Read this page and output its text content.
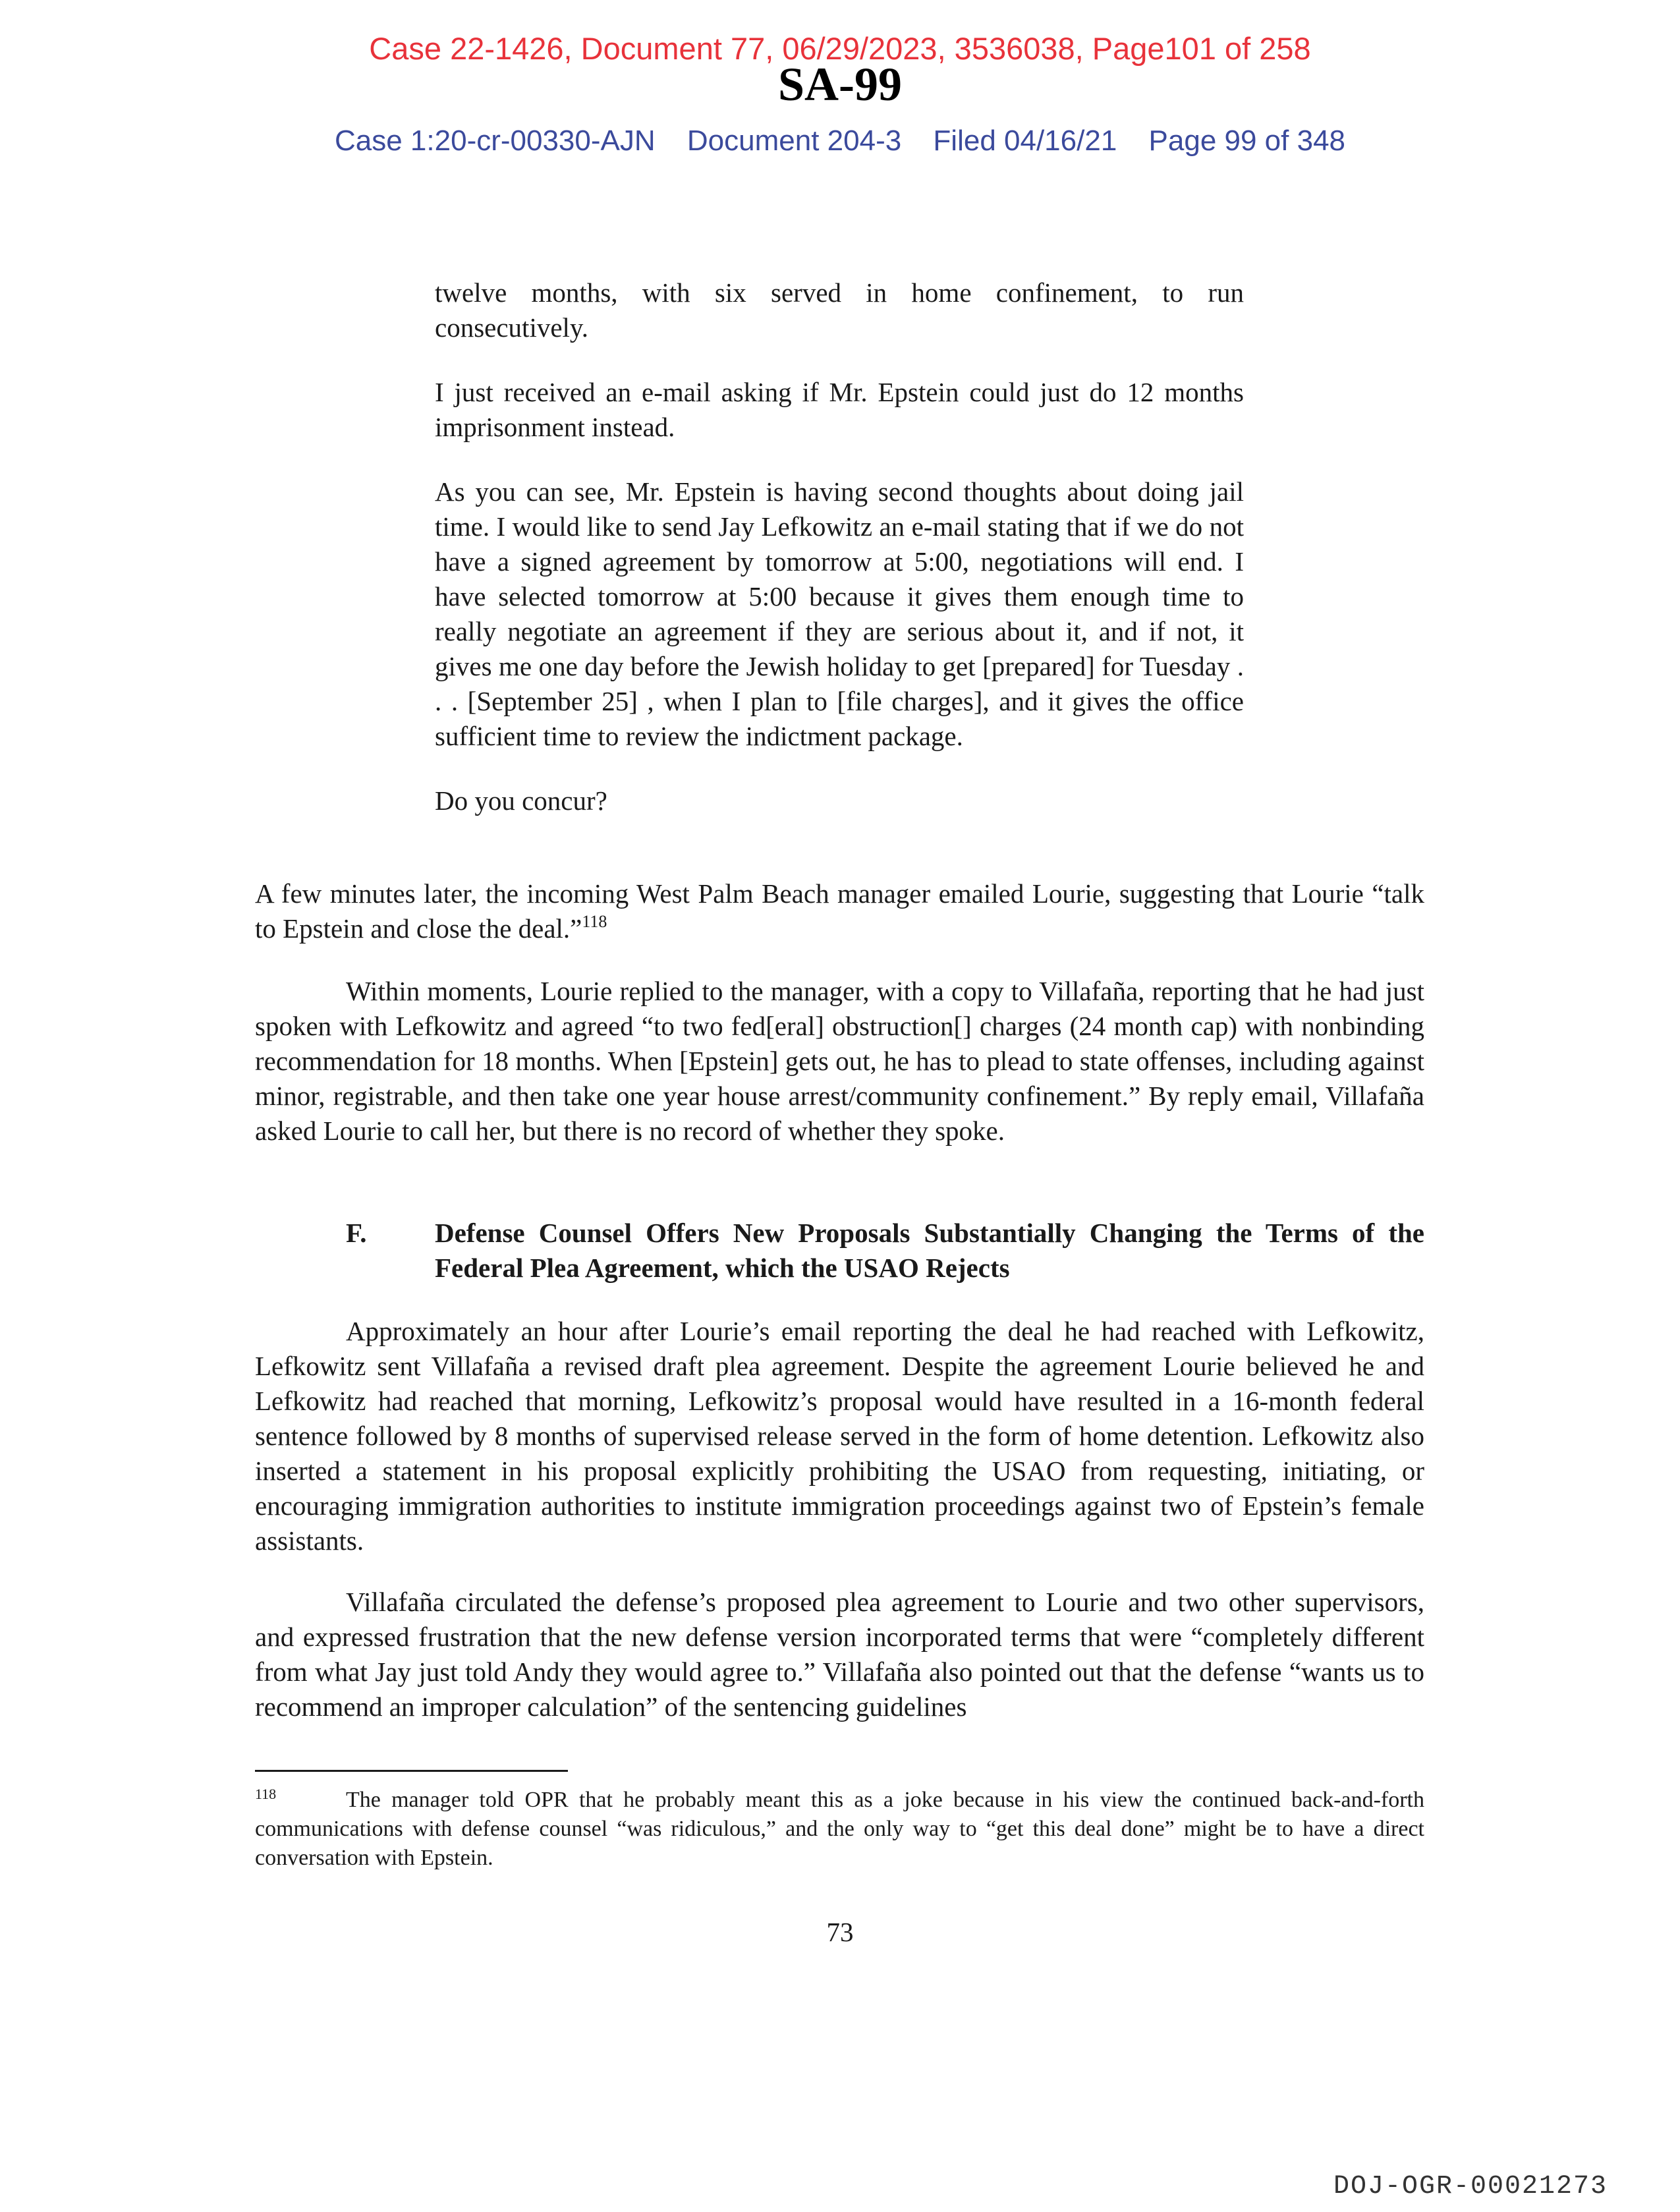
Case 22-1426, Document 77, 06/29/2023, 3536038, Page101 of 258
SA-99
Case 1:20-cr-00330-AJN Document 204-3 Filed 04/16/21 Page 99 of 348

twelve months, with six served in home confinement, to run consecutively.

I just received an e-mail asking if Mr. Epstein could just do 12 months imprisonment instead.

As you can see, Mr. Epstein is having second thoughts about doing jail time. I would like to send Jay Lefkowitz an e-mail stating that if we do not have a signed agreement by tomorrow at 5:00, negotiations will end. I have selected tomorrow at 5:00 because it gives them enough time to really negotiate an agreement if they are serious about it, and if not, it gives me one day before the Jewish holiday to get [prepared] for Tuesday . . . [September 25] , when I plan to [file charges], and it gives the office sufficient time to review the indictment package.

Do you concur?

A few minutes later, the incoming West Palm Beach manager emailed Lourie, suggesting that Lourie “talk to Epstein and close the deal.”$^{118}$

Within moments, Lourie replied to the manager, with a copy to Villafaña, reporting that he had just spoken with Lefkowitz and agreed “to two fed[eral] obstruction[] charges (24 month cap) with nonbinding recommendation for 18 months. When [Epstein] gets out, he has to plead to state offenses, including against minor, registrable, and then take one year house arrest/community confinement.” By reply email, Villafaña asked Lourie to call her, but there is no record of whether they spoke.

F.	Defense Counsel Offers New Proposals Substantially Changing the Terms of the Federal Plea Agreement, which the USAO Rejects

Approximately an hour after Lourie’s email reporting the deal he had reached with Lefkowitz, Lefkowitz sent Villafaña a revised draft plea agreement. Despite the agreement Lourie believed he and Lefkowitz had reached that morning, Lefkowitz’s proposal would have resulted in a 16-month federal sentence followed by 8 months of supervised release served in the form of home detention. Lefkowitz also inserted a statement in his proposal explicitly prohibiting the USAO from requesting, initiating, or encouraging immigration authorities to institute immigration proceedings against two of Epstein’s female assistants.

Villafaña circulated the defense’s proposed plea agreement to Lourie and two other supervisors, and expressed frustration that the new defense version incorporated terms that were “completely different from what Jay just told Andy they would agree to.” Villafaña also pointed out that the defense “wants us to recommend an improper calculation” of the sentencing guidelines

118	The manager told OPR that he probably meant this as a joke because in his view the continued back-and-forth communications with defense counsel “was ridiculous,” and the only way to “get this deal done” might be to have a direct conversation with Epstein.
73
DOJ-OGR-00021273
